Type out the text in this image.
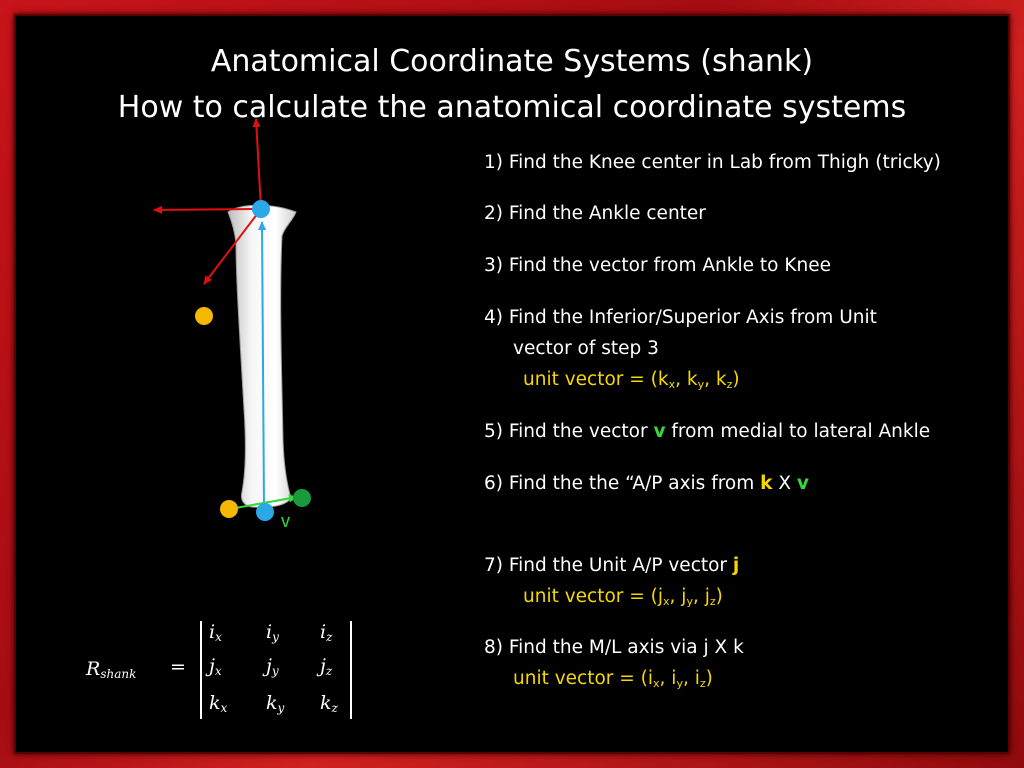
Anatomical Coordinate Systems (shank)
How to calculate the anatomical coordinate systems
v
1) Find the Knee center in Lab from Thigh (tricky)
2) Find the Ankle center
3) Find the vector from Ankle to Knee
4) Find the Inferior/Superior Axis from Unit
vector of step 3
unit vector = ($k_x$, $k_y$, $k_z$)
5) Find the vector v from medial to lateral Ankle
6) Find the the “A/P axis from k X v
7) Find the Unit A/P vector j
unit vector = ($j_x$, $j_y$, $j_z$)
8) Find the M/L axis via j X k
unit vector = ($i_x$, $i_y$, $i_z$)
$R_{shank}$ =
$i_x$ $i_y$ $i_z$
$j_x$ $j_y$ $j_z$
$k_x$ $k_y$ $k_z$
